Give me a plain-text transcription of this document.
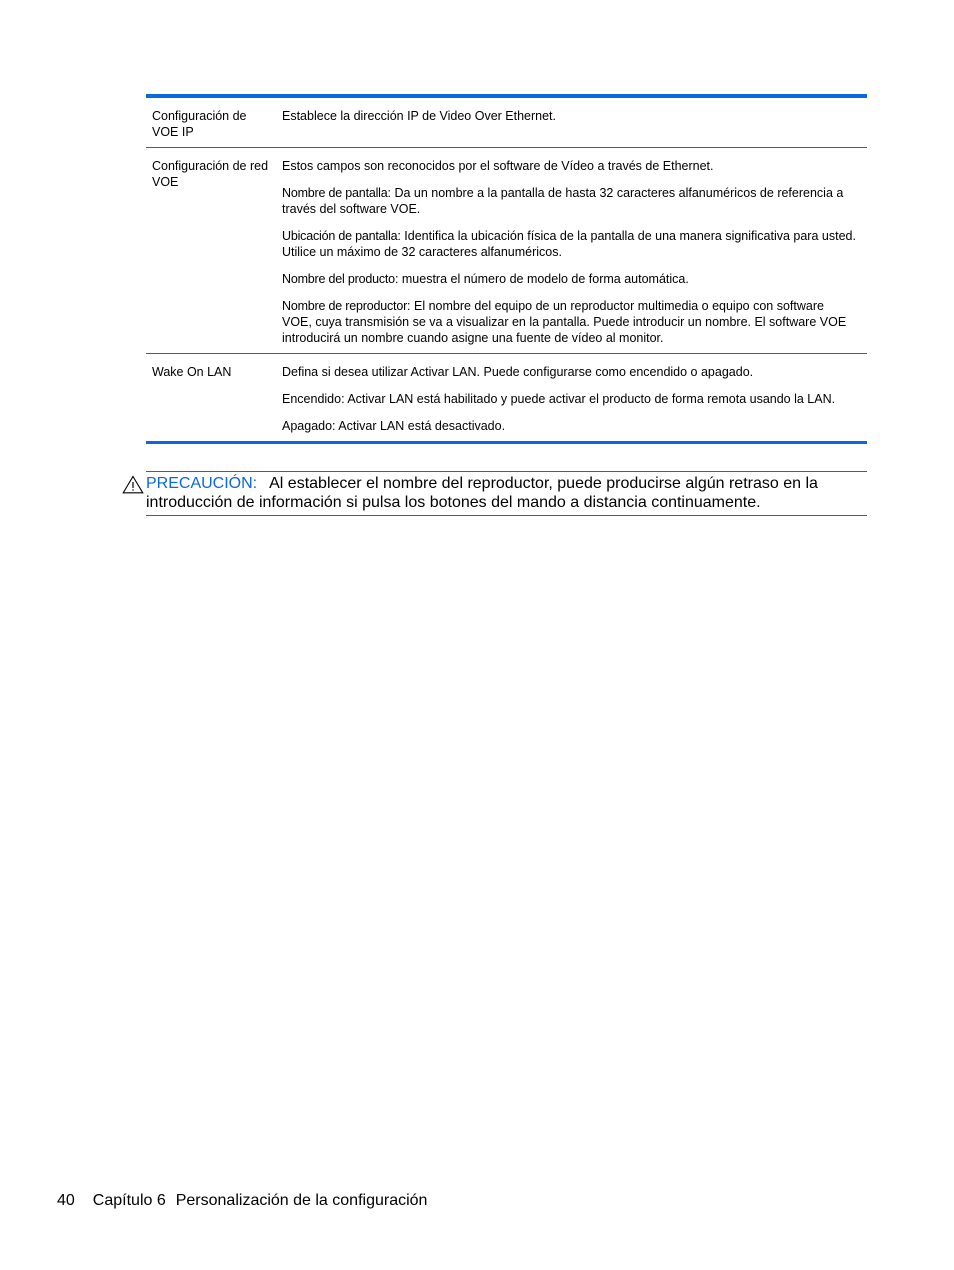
Configuración de VOE IP

Establece la dirección IP de Video Over Ethernet.

Configuración de red VOE

Estos campos son reconocidos por el software de Vídeo a través de Ethernet.

Nombre de pantalla: Da un nombre a la pantalla de hasta 32 caracteres alfanuméricos de referencia a través del software VOE.

Ubicación de pantalla: Identifica la ubicación física de la pantalla de una manera significativa para usted. Utilice un máximo de 32 caracteres alfanuméricos.

Nombre del producto: muestra el número de modelo de forma automática.

Nombre de reproductor: El nombre del equipo de un reproductor multimedia o equipo con software VOE, cuya transmisión se va a visualizar en la pantalla. Puede introducir un nombre. El software VOE introducirá un nombre cuando asigne una fuente de vídeo al monitor.

Wake On LAN	Defina si desea utilizar Activar LAN. Puede configurarse como encendido o apagado.

Encendido: Activar LAN está habilitado y puede activar el producto de forma remota usando la LAN.

Apagado: Activar LAN está desactivado.

PRECAUCIÓN: Al establecer el nombre del reproductor, puede producirse algún retraso en la introducción de información si pulsa los botones del mando a distancia continuamente.
40 Capítulo 6 Personalización de la configuración
